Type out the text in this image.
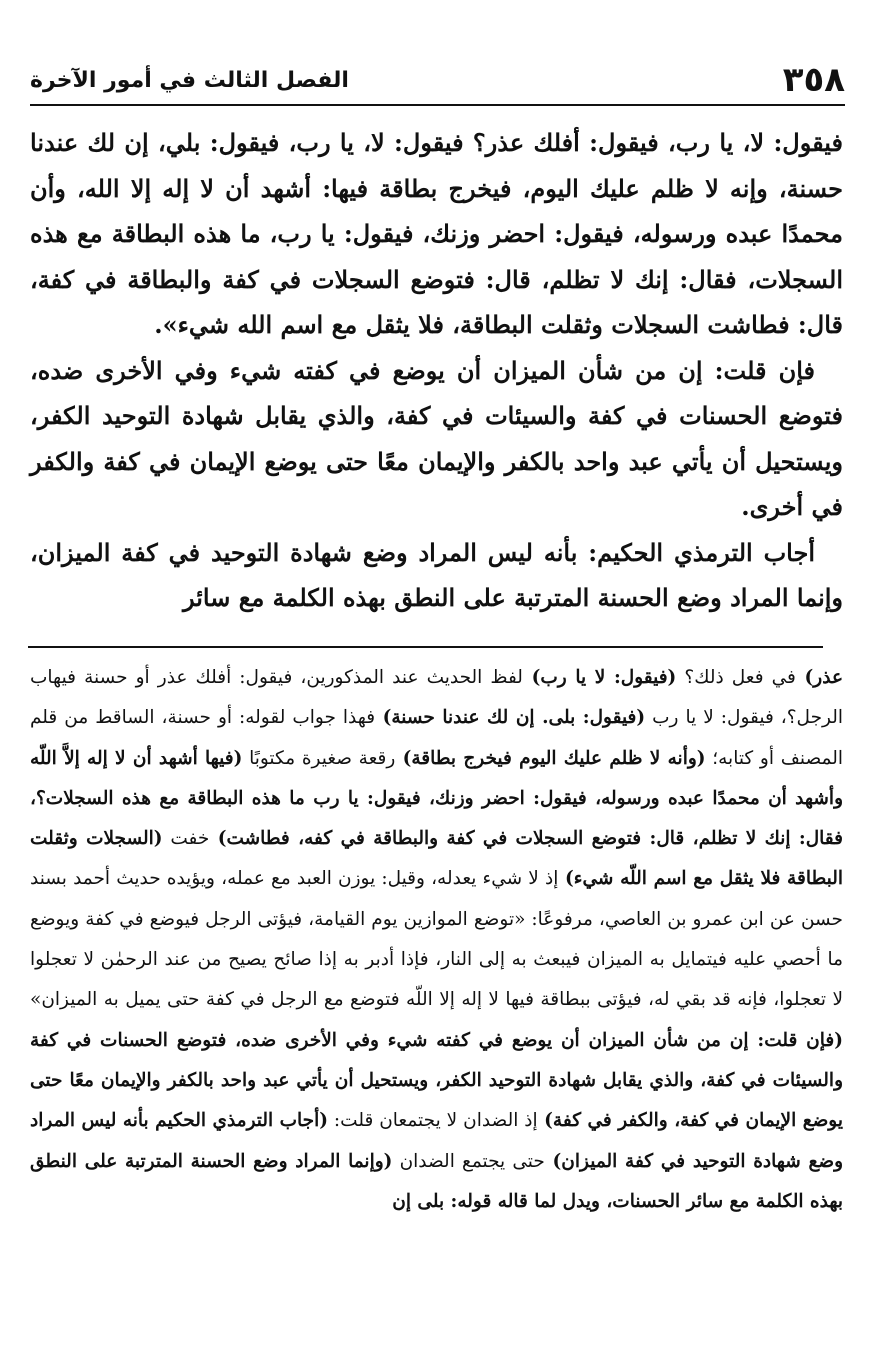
٣٥٨
الفصل الثالث في أمور الآخرة

فيقول: لا، يا رب، فيقول: أفلك عذر؟ فيقول: لا، يا رب، فيقول: بلي، إن لك عندنا حسنة، وإنه لا ظلم عليك اليوم، فيخرج بطاقة فيها: أشهد أن لا إله إلا الله، وأن محمدًا عبده ورسوله، فيقول: احضر وزنك، فيقول: يا رب، ما هذه البطاقة مع هذه السجلات، فقال: إنك لا تظلم، قال: فتوضع السجلات في كفة والبطاقة في كفة، قال: فطاشت السجلات وثقلت البطاقة، فلا يثقل مع اسم الله شيء».

فإن قلت: إن من شأن الميزان أن يوضع في كفته شيء وفي الأخرى ضده، فتوضع الحسنات في كفة والسيئات في كفة، والذي يقابل شهادة التوحيد الكفر، ويستحيل أن يأتي عبد واحد بالكفر والإيمان معًا حتى يوضع الإيمان في كفة والكفر في أخرى.

أجاب الترمذي الحكيم: بأنه ليس المراد وضع شهادة التوحيد في كفة الميزان، وإنما المراد وضع الحسنة المترتبة على النطق بهذه الكلمة مع سائر

عذر) في فعل ذلك؟ (فيقول: لا يا رب) لفظ الحديث عند المذكورين، فيقول: أفلك عذر أو حسنة فيهاب الرجل؟، فيقول: لا يا رب (فيقول: بلى. إن لك عندنا حسنة) فهذا جواب لقوله: أو حسنة، الساقط من قلم المصنف أو كتابه؛ (وأنه لا ظلم عليك اليوم فيخرج بطاقة) رقعة صغيرة مكتوبًا (فيها أشهد أن لا إله إلاَّ اللّه وأشهد أن محمدًا عبده ورسوله، فيقول: احضر وزنك، فيقول: يا رب ما هذه البطاقة مع هذه السجلات؟، فقال: إنك لا تظلم، قال: فتوضع السجلات في كفة والبطاقة في كفه، فطاشت) خفت (السجلات وثقلت البطاقة فلا يثقل مع اسم اللّه شيء) إذ لا شيء يعدله، وقيل: يوزن العبد مع عمله، ويؤيده حديث أحمد بسند حسن عن ابن عمرو بن العاصي، مرفوعًا: «توضع الموازين يوم القيامة، فيؤتى الرجل فيوضع في كفة ويوضع ما أحصي عليه فيتمايل به الميزان فيبعث به إلى النار، فإذا أدبر به إذا صائح يصيح من عند الرحمٰن لا تعجلوا لا تعجلوا، فإنه قد بقي له، فيؤتى ببطاقة فيها لا إله إلا اللّه فتوضع مع الرجل في كفة حتى يميل به الميزان» (فإن قلت: إن من شأن الميزان أن يوضع في كفته شيء وفي الأخرى ضده، فتوضع الحسنات في كفة والسيئات في كفة، والذي يقابل شهادة التوحيد الكفر، ويستحيل أن يأتي عبد واحد بالكفر والإيمان معًا حتى يوضع الإيمان في كفة، والكفر في كفة) إذ الضدان لا يجتمعان قلت: (أجاب الترمذي الحكيم بأنه ليس المراد وضع شهادة التوحيد في كفة الميزان) حتى يجتمع الضدان (وإنما المراد وضع الحسنة المترتبة على النطق بهذه الكلمة مع سائر الحسنات، ويدل لما قاله قوله: بلى إن
